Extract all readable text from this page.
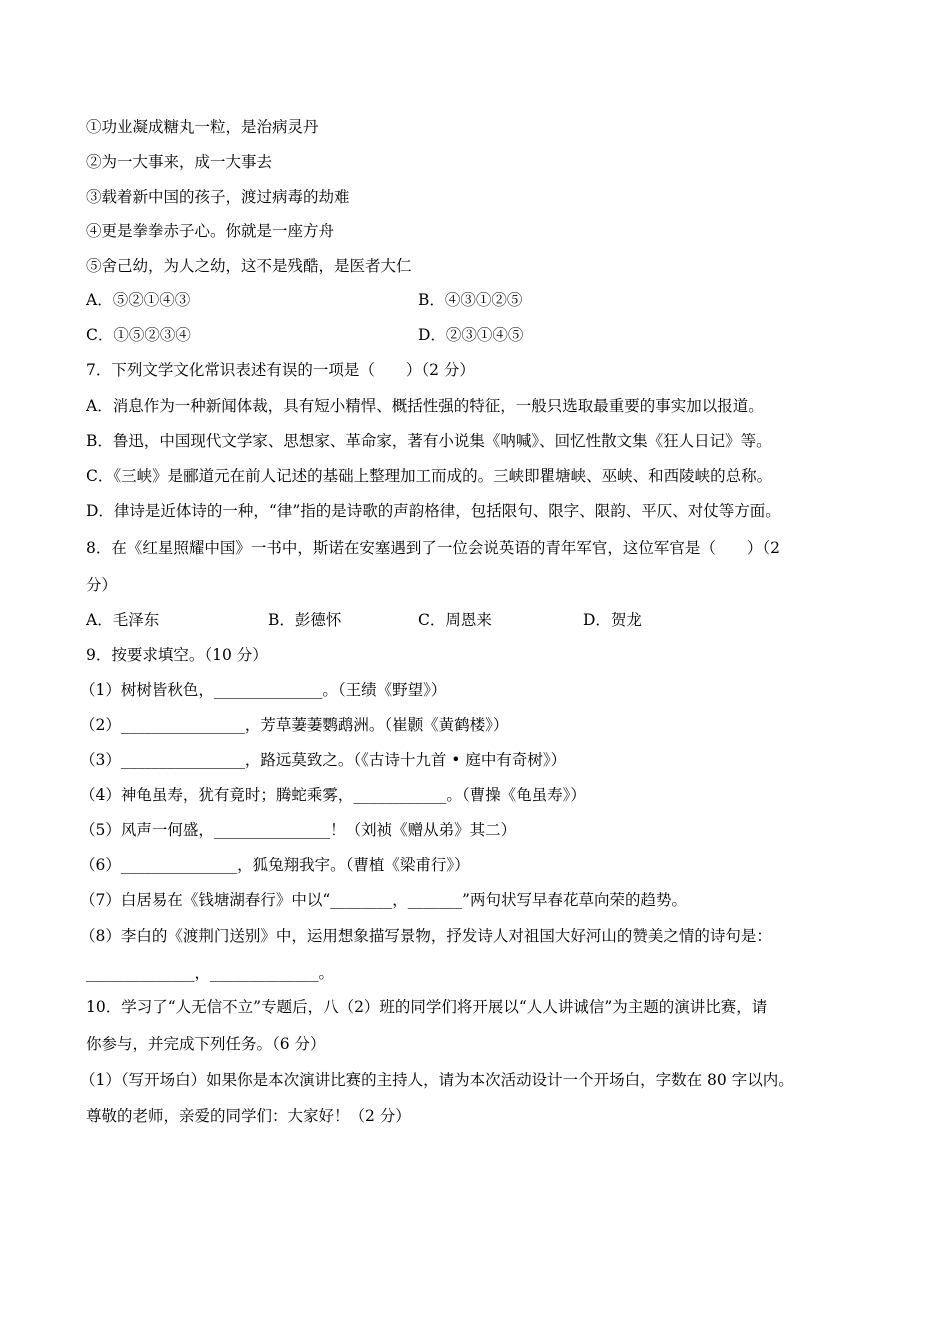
①功业凝成糖丸一粒，是治病灵丹
②为一大事来，成一大事去
③载着新中国的孩子，渡过病毒的劫难
④更是拳拳赤子心。你就是一座方舟
⑤舍己幼，为人之幼，这不是残酷，是医者大仁
A．⑤②①④③	B．④③①②⑤
C．①⑤②③④	D．②③①④⑤
7．下列文学文化常识表述有误的一项是（　　）（2 分）
A．消息作为一种新闻体裁，具有短小精悍、概括性强的特征，一般只选取最重要的事实加以报道。
B．鲁迅，中国现代文学家、思想家、革命家，著有小说集《呐喊》、回忆性散文集《狂人日记》等。
C．《三峡》是郦道元在前人记述的基础上整理加工而成的。三峡即瞿塘峡、巫峡、和西陵峡的总称。
D．律诗是近体诗的一种，“律”指的是诗歌的声韵格律，包括限句、限字、限韵、平仄、对仗等方面。
8．在《红星照耀中国》一书中，斯诺在安塞遇到了一位会说英语的青年军官，这位军官是（　　）（2
分）
A．毛泽东	B．彭德怀	C．周恩来	D．贺龙
9．按要求填空。（10 分）
（1）树树皆秋色，______________。（王绩《野望》）
（2）________________，芳草萋萋鹦鹉洲。（崔颢《黄鹤楼》）
（3）________________，路远莫致之。（《古诗十九首 • 庭中有奇树》）
（4）神龟虽寿，犹有竟时；腾蛇乘雾，____________。（曹操《龟虽寿》）
（5）风声一何盛，_______________！（刘祯《赠从弟》其二）
（6）_______________，狐兔翔我宇。（曹植《梁甫行》）
（7）白居易在《钱塘湖春行》中以“________，_______”两句状写早春花草向荣的趋势。
（8）李白的《渡荆门送别》中，运用想象描写景物，抒发诗人对祖国大好河山的赞美之情的诗句是：
______________，______________。
10．学习了“人无信不立”专题后，八（2）班的同学们将开展以“人人讲诚信”为主题的演讲比赛，请
你参与，并完成下列任务。（6 分）
（1）（写开场白）如果你是本次演讲比赛的主持人，请为本次活动设计一个开场白，字数在 80 字以内。
尊敬的老师，亲爱的同学们：大家好！（2 分）
